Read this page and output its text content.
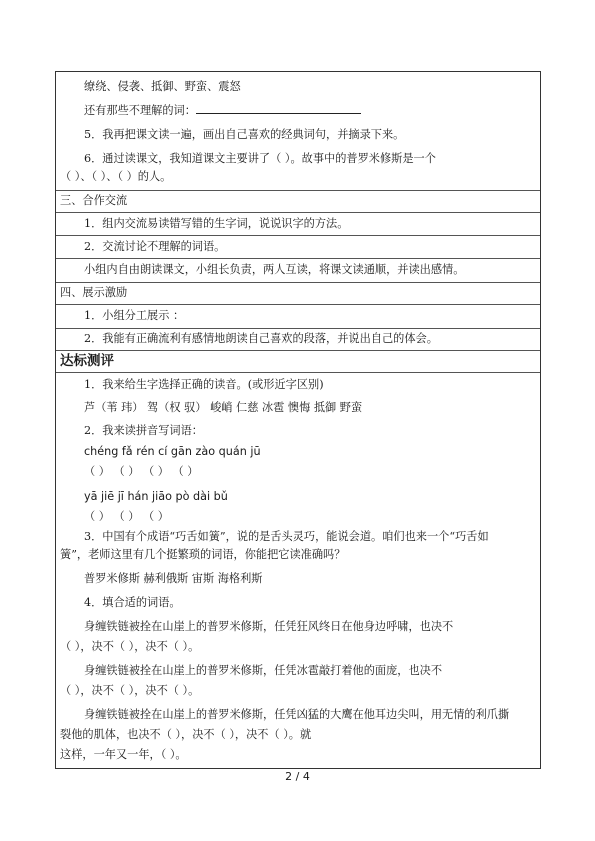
缭绕、侵袭、抵御、野蛮、震怒
还有那些不理解的词：
5．我再把课文读一遍，画出自己喜欢的经典词句，并摘录下来。
6．通过读课文，我知道课文主要讲了（ ）。故事中的普罗米修斯是一个
（ ）、（ ）、（ ）的人。
三、合作交流
1．组内交流易读错写错的生字词，说说识字的方法。
2．交流讨论不理解的词语。
小组内自由朗读课文，小组长负责，两人互读，将课文读通顺，并读出感情。
四、展示激励
1．小组分工展示 ：
2．我能有正确流利有感情地朗读自己喜欢的段落，并说出自己的体会。
达标测评
1．我来给生字选择正确的读音。(或形近字区别)
芦（苇 玮） 驾（权 驭） 峻峭 仁慈 冰雹 懊悔 抵御 野蛮
2．我来读拼音写词语：
chéng fǎ rén cí gān zào quán jū
（ ） （ ） （ ） （ ）
yā jiē jī hán jiāo pò dài bǔ
（ ） （ ） （ ）
3．中国有个成语“巧舌如簧”，说的是舌头灵巧，能说会道。咱们也来一个“巧舌如
簧”，老师这里有几个挺繁琐的词语，你能把它读准确吗？
普罗米修斯 赫利俄斯 宙斯 海格利斯
4．填合适的词语。
身缠铁链被拴在山崖上的普罗米修斯，任凭狂风终日在他身边呼啸，也决不
（ ），决不（ ），决不（ ）。
身缠铁链被拴在山崖上的普罗米修斯，任凭冰雹敲打着他的面庞，也决不
（ ），决不（ ），决不（ ）。
身缠铁链被拴在山崖上的普罗米修斯，任凭凶猛的大鹰在他耳边尖叫，用无情的利爪撕
裂他的肌体，也决不（ ），决不（ ），决不（ ）。就
这样，一年又一年，（ ）。
2 / 4
